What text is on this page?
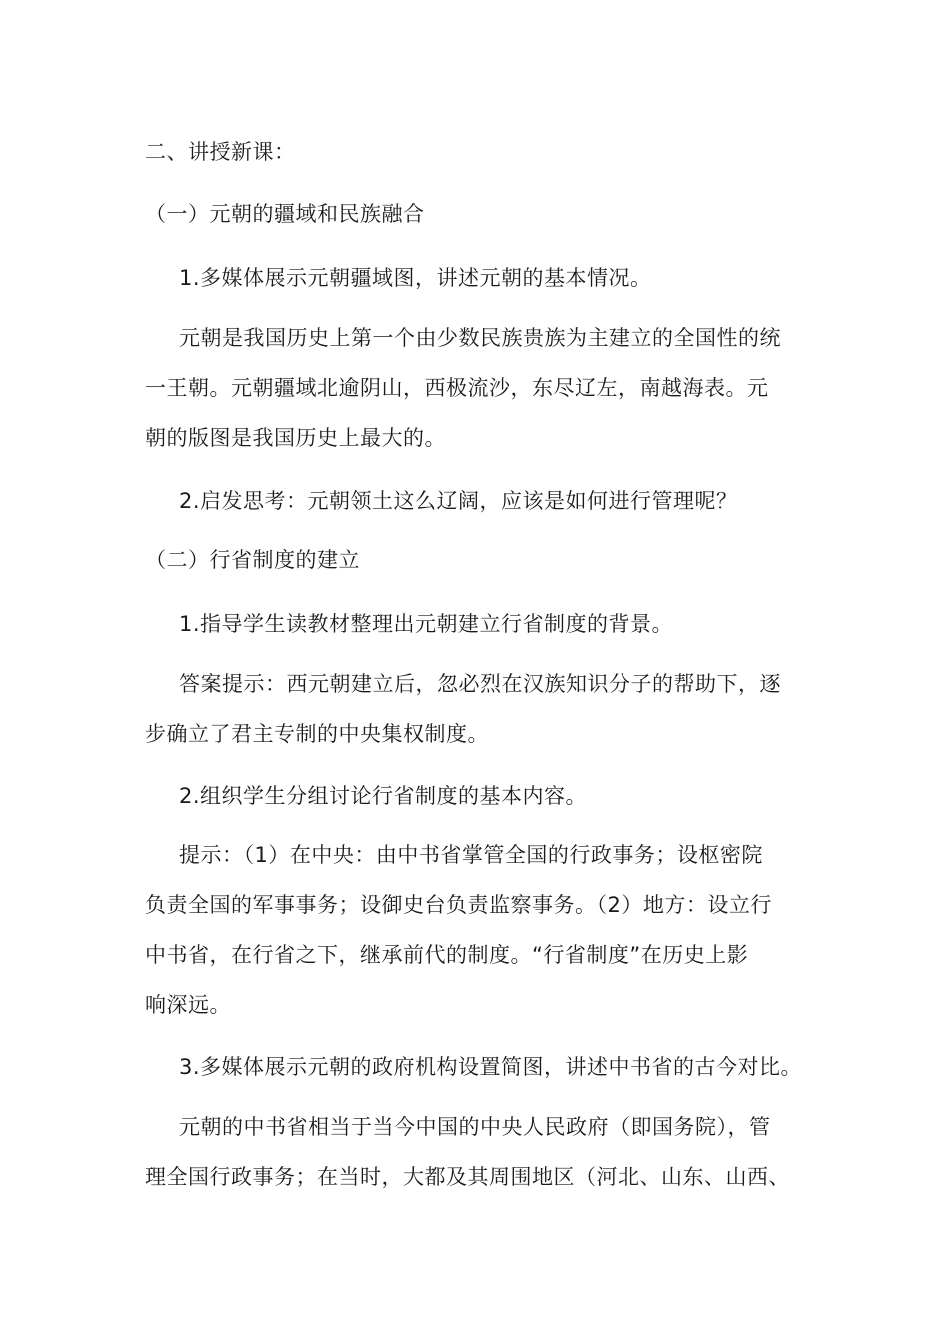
二、讲授新课：
（一）元朝的疆域和民族融合
1.多媒体展示元朝疆域图，讲述元朝的基本情况。
元朝是我国历史上第一个由少数民族贵族为主建立的全国性的统
一王朝。元朝疆域北逾阴山，西极流沙，东尽辽左，南越海表。元
朝的版图是我国历史上最大的。
2.启发思考：元朝领土这么辽阔，应该是如何进行管理呢？
（二）行省制度的建立
1.指导学生读教材整理出元朝建立行省制度的背景。
答案提示：西元朝建立后，忽必烈在汉族知识分子的帮助下，逐
步确立了君主专制的中央集权制度。
2.组织学生分组讨论行省制度的基本内容。
提示：（1）在中央：由中书省掌管全国的行政事务；设枢密院
负责全国的军事事务；设御史台负责监察事务。（2）地方：设立行
中书省，在行省之下，继承前代的制度。“行省制度”在历史上影
响深远。
3.多媒体展示元朝的政府机构设置简图，讲述中书省的古今对比。
元朝的中书省相当于当今中国的中央人民政府（即国务院），管
理全国行政事务；在当时，大都及其周围地区（河北、山东、山西、
